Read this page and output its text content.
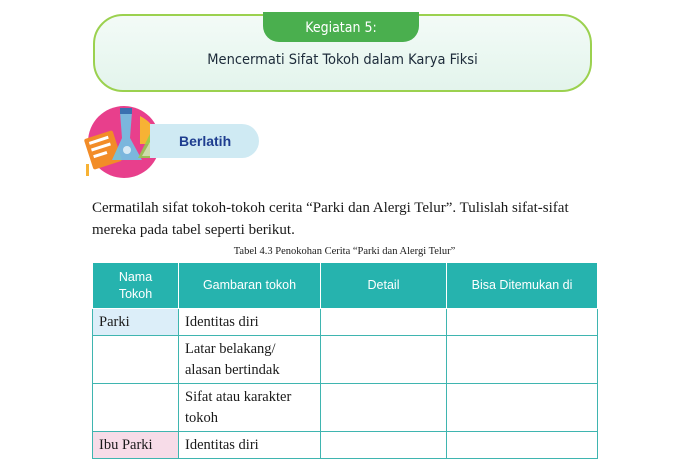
Kegiatan 5:
Mencermati Sifat Tokoh dalam Karya Fiksi
Berlatih
Cermatilah sifat tokoh-tokoh cerita “Parki dan Alergi Telur”. Tulislah sifat-sifat mereka pada tabel seperti berikut.
Tabel 4.3 Penokohan Cerita “Parki dan Alergi Telur”
Nama Tokoh	Gambaran tokoh	Detail	Bisa Ditemukan di
Parki	Identitas diri		
	Latar belakang/ alasan bertindak		
	Sifat atau karakter tokoh		
Ibu Parki	Identitas diri		
